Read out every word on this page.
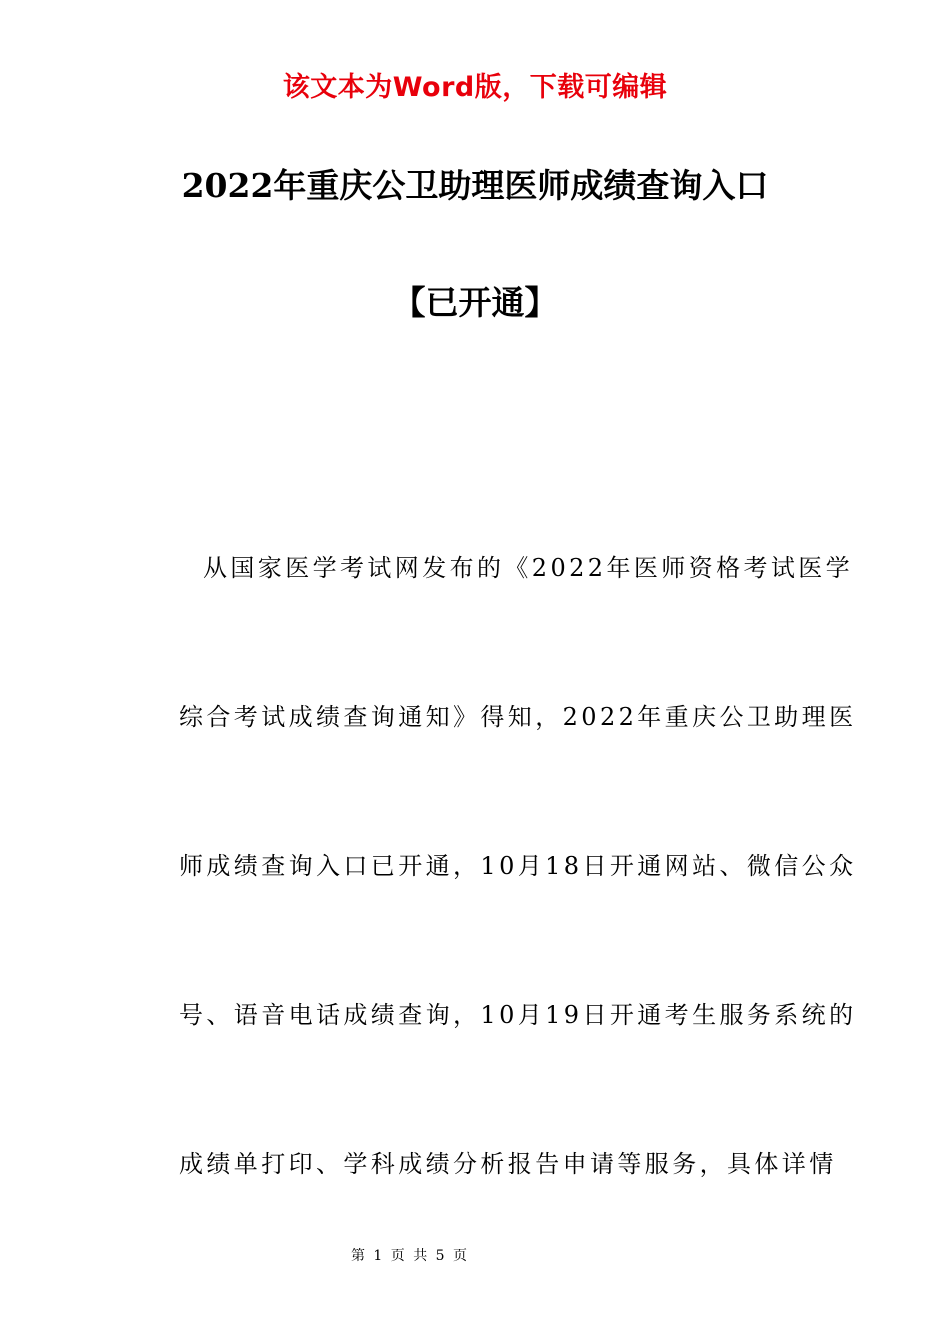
该文本为Word版，下载可编辑
2022年重庆公卫助理医师成绩查询入口
【已开通】
从国家医学考试网发布的《2022年医师资格考试医学
综合考试成绩查询通知》得知，2022年重庆公卫助理医
师成绩查询入口已开通，10月18日开通网站、微信公众
号、语音电话成绩查询，10月19日开通考生服务系统的
成绩单打印、学科成绩分析报告申请等服务，具体详情
第 1 页 共 5 页
